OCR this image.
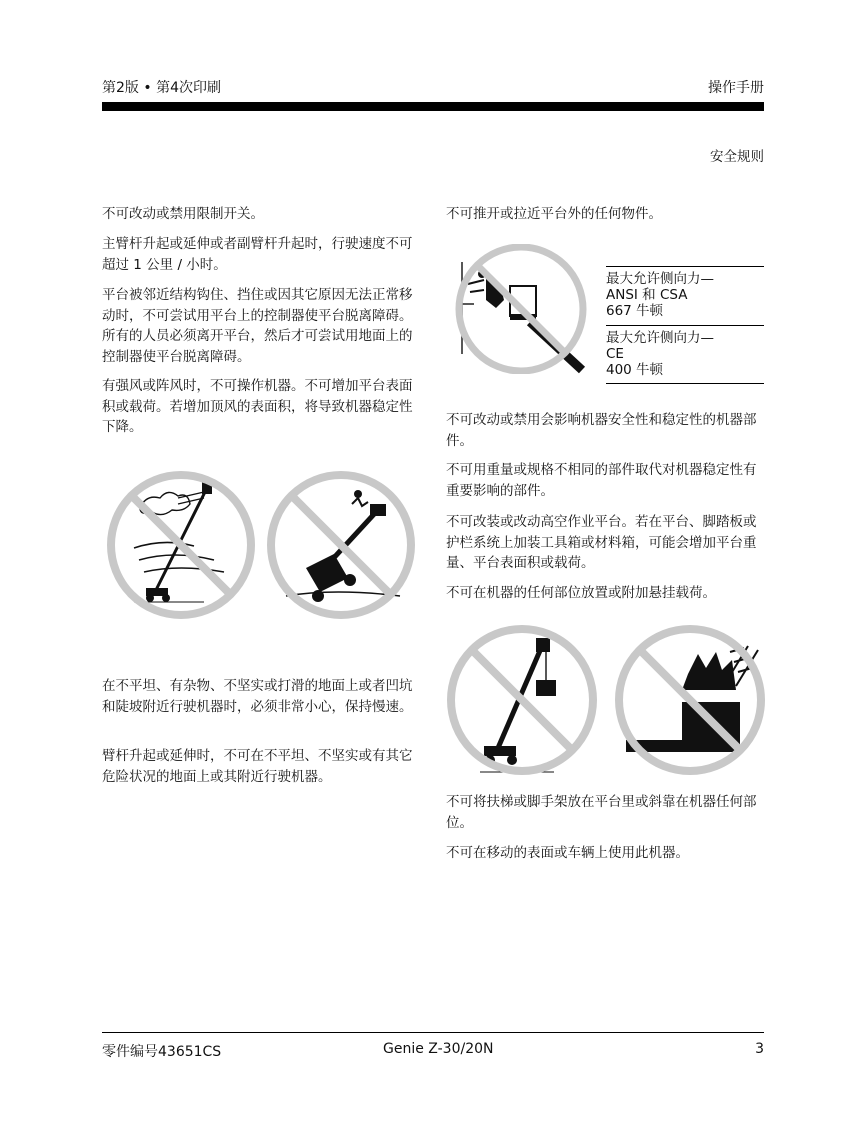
第2版 • 第4次印刷	操作手册
安全规则

不可改动或禁用限制开关。

主臂杆升起或延伸或者副臂杆升起时，行驶速度不可超过 1 公里 / 小时。

平台被邻近结构钩住、挡住或因其它原因无法正常移动时，不可尝试用平台上的控制器使平台脱离障碍。所有的人员必须离开平台，然后才可尝试用地面上的控制器使平台脱离障碍。

有强风或阵风时，不可操作机器。不可增加平台表面积或载荷。若增加顶风的表面积，将导致机器稳定性下降。

在不平坦、有杂物、不坚实或打滑的地面上或者凹坑和陡坡附近行驶机器时，必须非常小心，保持慢速。

臂杆升起或延伸时，不可在不平坦、不坚实或有其它危险状况的地面上或其附近行驶机器。

不可推开或拉近平台外的任何物件。

最大允许侧向力—
ANSI 和 CSA
667 牛顿
最大允许侧向力—
CE
400 牛顿

不可改动或禁用会影响机器安全性和稳定性的机器部件。

不可用重量或规格不相同的部件取代对机器稳定性有重要影响的部件。

不可改装或改动高空作业平台。若在平台、脚踏板或护栏系统上加装工具箱或材料箱，可能会增加平台重量、平台表面积或载荷。

不可在机器的任何部位放置或附加悬挂载荷。

不可将扶梯或脚手架放在平台里或斜靠在机器任何部位。

不可在移动的表面或车辆上使用此机器。

零件编号43651CS	Genie Z-30/20N	3
